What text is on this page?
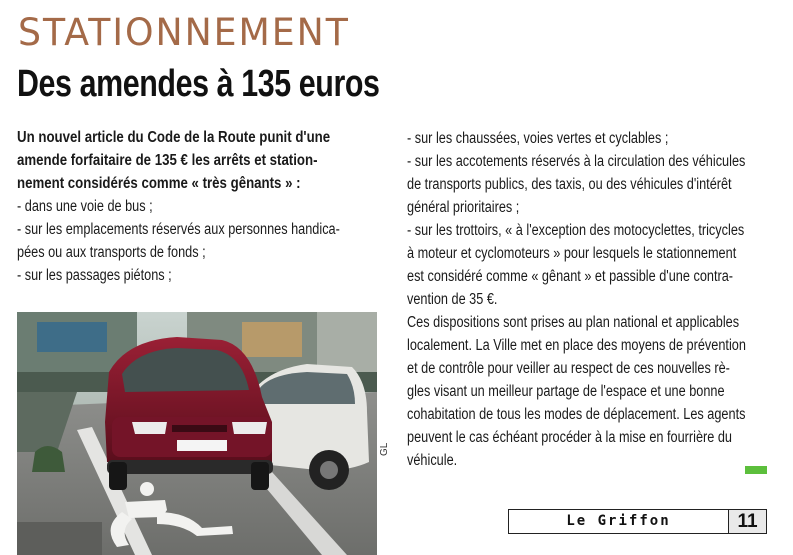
STATIONNEMENT
Des amendes à 135 euros

Un nouvel article du Code de la Route punit d'une

amende forfaitaire de 135 € les arrêts et station-

nement considérés comme « très gênants » :

- dans une voie de bus ;

- sur les emplacements réservés aux personnes handica-

pées ou aux transports de fonds ;

- sur les passages piétons ;

GL

- sur les chaussées, voies vertes et cyclables ;

- sur les accotements réservés à la circulation des véhicules

de transports publics, des taxis, ou des véhicules d'intérêt

général prioritaires ;

- sur les trottoirs, « à l'exception des motocyclettes, tricycles

à moteur et cyclomoteurs » pour lesquels le stationnement

est considéré comme « gênant » et passible d'une contra-

vention de 35 €.

Ces dispositions sont prises au plan national et applicables

localement. La Ville met en place des moyens de prévention

et de contrôle pour veiller au respect de ces nouvelles rè-

gles visant un meilleur partage de l'espace et une bonne

cohabitation de tous les modes de déplacement. Les agents

peuvent le cas échéant procéder à la mise en fourrière du

véhicule.

Le Griffon	11
